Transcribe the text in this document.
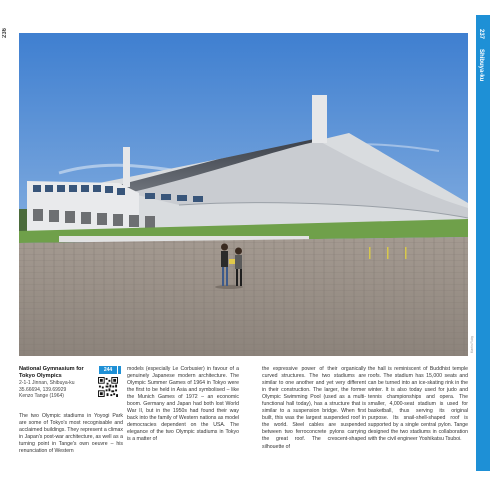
236
Martin Ruby
237 Shibuya-ku
National Gymnasium for Tokyo Olympics
2-1-1 Jinnan, Shibuya-ku
35.66694, 139.69929
Kenzo Tange (1964)
244

The two Olympic stadiums in Yoyogi Park are some of Tokyo's most recognisable and acclaimed buildings. They represent a climax in Japan's post-war architecture, as well as a turning point in Tange's own oeuvre – his renunciation of Western

models (especially Le Corbusier) in favour of a genuinely Japanese modern architecture. The Olympic Summer Games of 1964 in Tokyo were the first to be held in Asia and symbolised – like the Munich Games of 1972 – an economic boom. Germany and Japan had both lost World War II, but in the 1950s had found their way back into the family of Western nations as model democracies dependent on the USA. The elegance of the two Olympic stadiums in Tokyo is a matter of

the expressive power of their organically curved structures. The two stadiums are similar to one another and yet very different in their construction. The larger, the former Olympic Swimming Pool (used as a multi-functional hall today), has a structure that is similar to a suspension bridge. When first built, this was the largest suspended roof in the world. Steel cables are suspended between two ferroconcrete pylons carrying the great roof. The crescent-shaped silhouette of

the hall is reminiscent of Buddhist temple roofs. The stadium has 15,000 seats and can be turned into an ice-skating rink in the winter. It is also today used for judo and tennis championships and opera. The smaller, 4,000-seat stadium is used for basketball, thus serving its original purpose. Its snail-shell-shaped roof is supported by a single central pylon. Tange designed the two stadiums in collaboration with the civil engineer Yoshikatsu Tsuboi.
